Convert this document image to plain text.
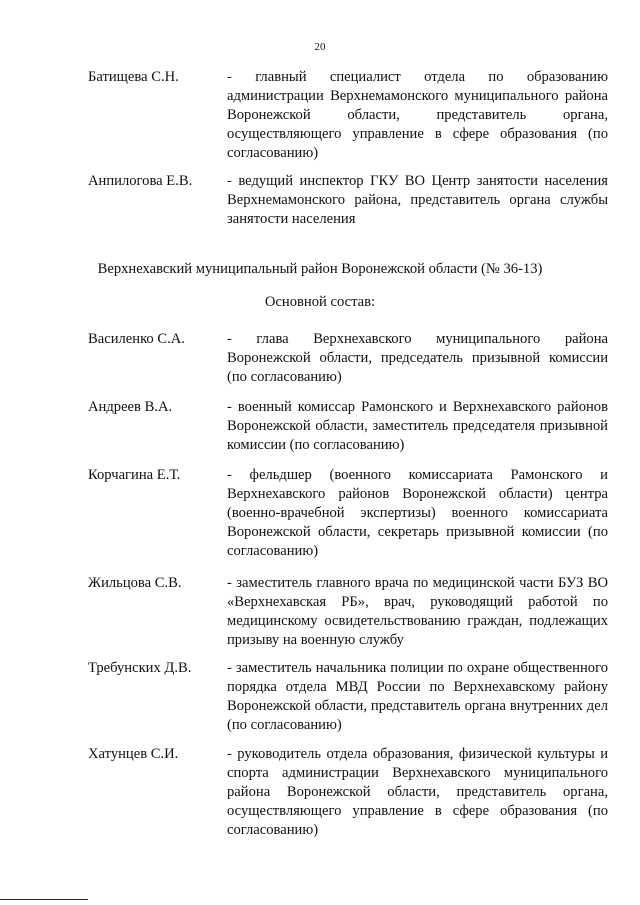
20
Батищева С.Н.	- главный специалист отдела по образованию администрации Верхнемамонского муниципального района Воронежской области, представитель органа, осуществляющего управление в сфере образования (по согласованию)
Анпилогова Е.В. - ведущий инспектор ГКУ ВО Центр занятости населения Верхнемамонского района, представитель органа службы занятости населения
Верхнехавский муниципальный район Воронежской области (№ 36-13)
Основной состав:
Василенко С.А.	- глава Верхнехавского муниципального района Воронежской области, председатель призывной комиссии (по согласованию)
Андреев В.А.	- военный комиссар Рамонского и Верхнехавского районов Воронежской области, заместитель председателя призывной комиссии (по согласованию)
Корчагина Е.Т.	- фельдшер (военного комиссариата Рамонского и Верхнехавского районов Воронежской области) центра (военно-врачебной экспертизы) военного комиссариата Воронежской области, секретарь призывной комиссии (по согласованию)
Жильцова С.В.	- заместитель главного врача по медицинской части БУЗ ВО «Верхнехавская РБ», врач, руководящий работой по медицинскому освидетельствованию граждан, подлежащих призыву на военную службу
Требунских Д.В. - заместитель начальника полиции по охране общественного порядка отдела МВД России по Верхнехавскому району Воронежской области, представитель органа внутренних дел (по согласованию)
Хатунцев С.И.	- руководитель отдела образования, физической культуры и спорта администрации Верхнехавского муниципального района Воронежской области, представитель органа, осуществляющего управление в сфере образования (по согласованию)
